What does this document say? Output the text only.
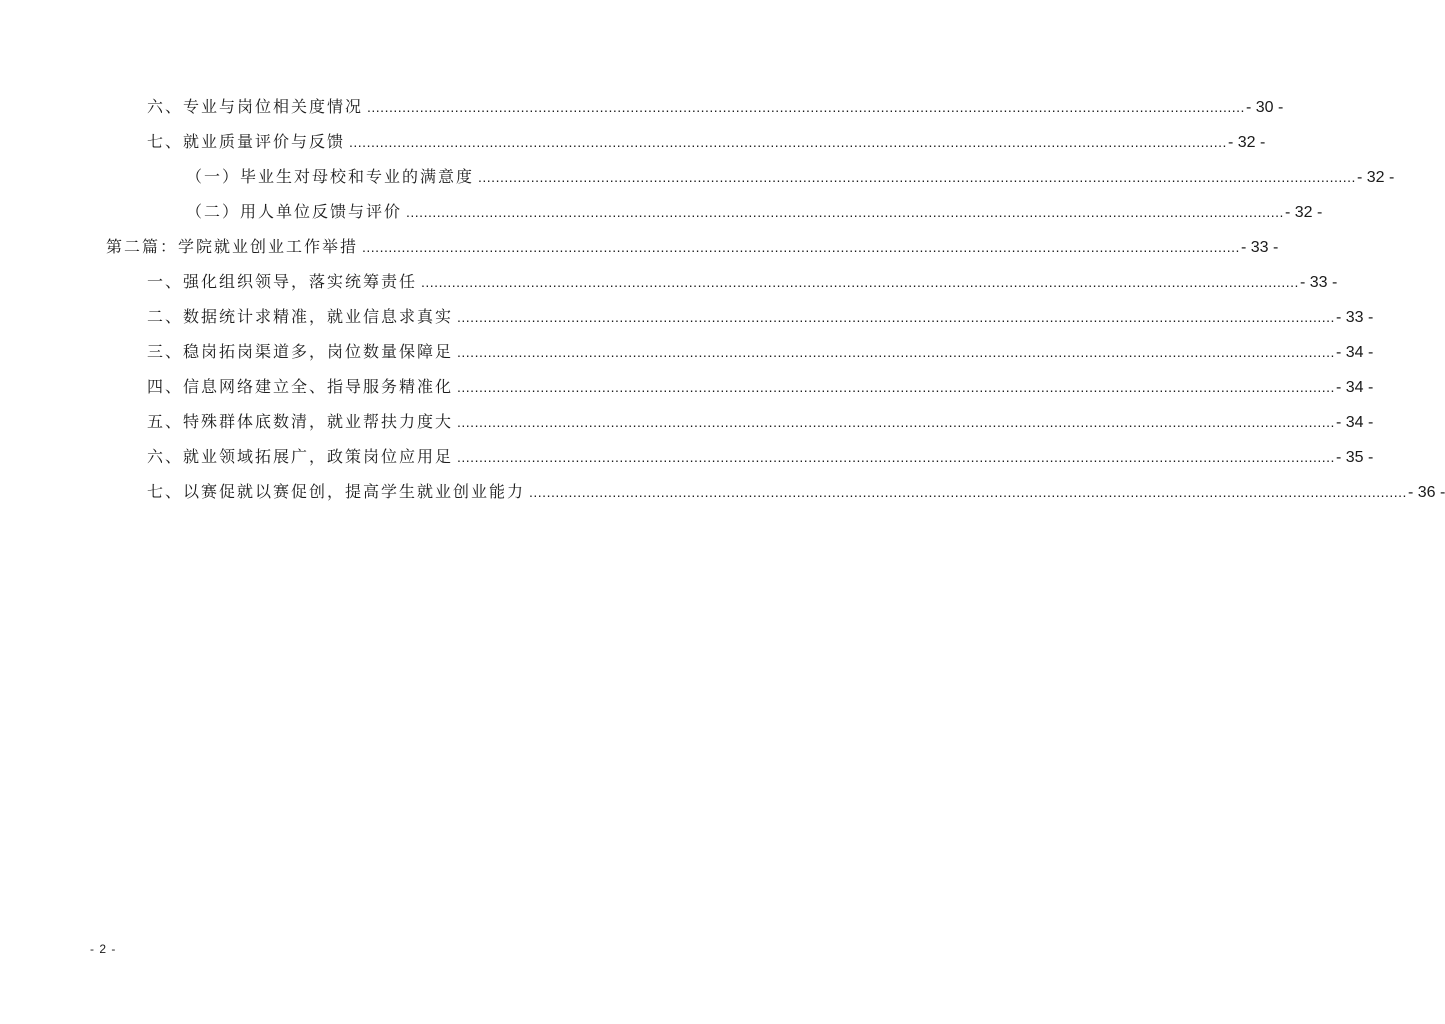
六、专业与岗位相关度情况 ........................................................................................................................................................................................................ - 30 -
七、就业质量评价与反馈 ........................................................................................................................................................................................................ - 32 -
（一）毕业生对母校和专业的满意度 ........................................................................................................................................................................................................ - 32 -
（二）用人单位反馈与评价 ........................................................................................................................................................................................................ - 32 -
第二篇：学院就业创业工作举措 ........................................................................................................................................................................................................ - 33 -
一、强化组织领导，落实统筹责任 ........................................................................................................................................................................................................ - 33 -
二、数据统计求精准，就业信息求真实 ........................................................................................................................................................................................................ - 33 -
三、稳岗拓岗渠道多，岗位数量保障足 ........................................................................................................................................................................................................ - 34 -
四、信息网络建立全、指导服务精准化 ........................................................................................................................................................................................................ - 34 -
五、特殊群体底数清，就业帮扶力度大 ........................................................................................................................................................................................................ - 34 -
六、就业领域拓展广，政策岗位应用足 ........................................................................................................................................................................................................ - 35 -
七、以赛促就以赛促创，提高学生就业创业能力 ........................................................................................................................................................................................................ - 36 -
- 2 -
